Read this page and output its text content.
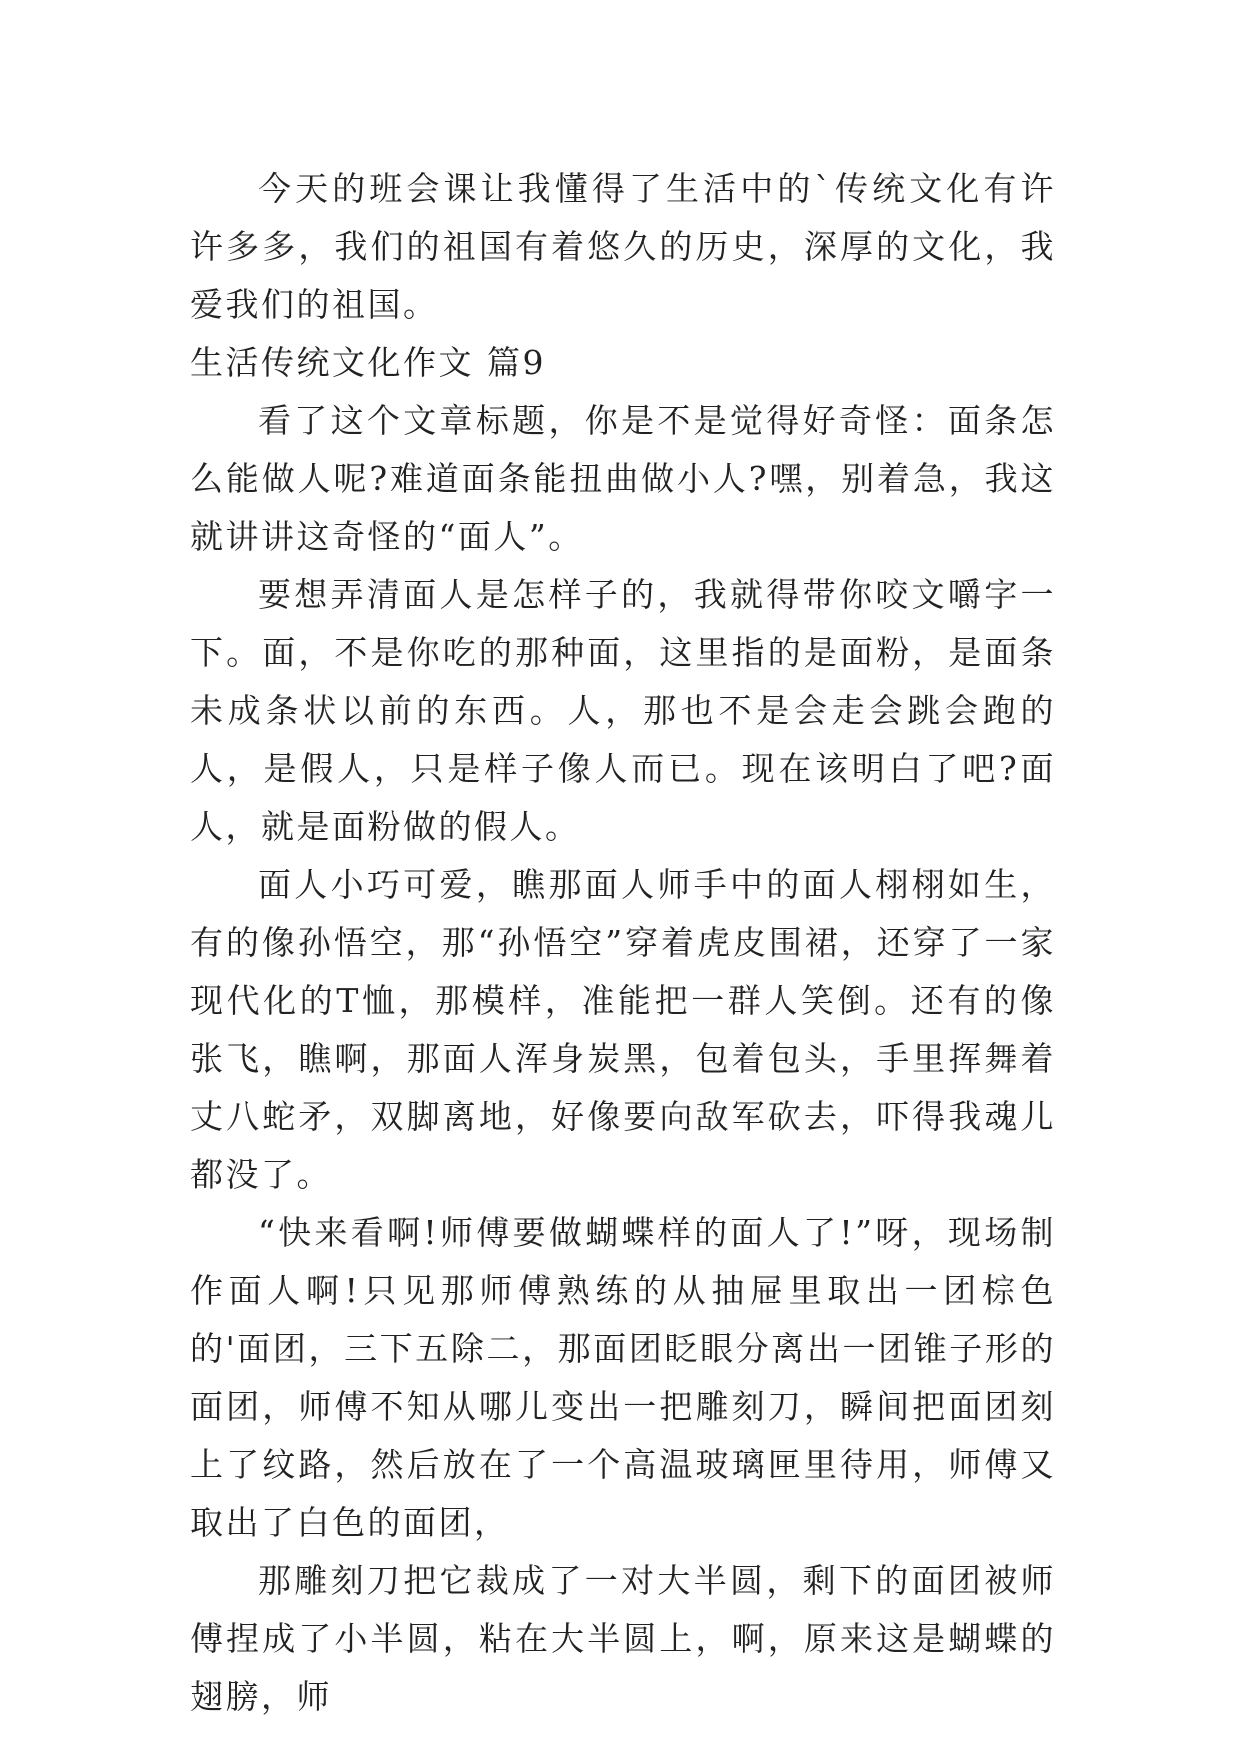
今天的班会课让我懂得了生活中的`传统文化有许许多多，我们的祖国有着悠久的历史，深厚的文化，我爱我们的祖国。

生活传统文化作文 篇9

看了这个文章标题，你是不是觉得好奇怪：面条怎么能做人呢?难道面条能扭曲做小人?嘿，别着急，我这就讲讲这奇怪的“面人”。

要想弄清面人是怎样子的，我就得带你咬文嚼字一下。面，不是你吃的那种面，这里指的是面粉，是面条未成条状以前的东西。人，那也不是会走会跳会跑的人，是假人，只是样子像人而已。现在该明白了吧?面人，就是面粉做的假人。

面人小巧可爱，瞧那面人师手中的面人栩栩如生，有的像孙悟空，那“孙悟空”穿着虎皮围裙，还穿了一家现代化的T恤，那模样，准能把一群人笑倒。还有的像张飞，瞧啊，那面人浑身炭黑，包着包头，手里挥舞着丈八蛇矛，双脚离地，好像要向敌军砍去，吓得我魂儿都没了。

“快来看啊!师傅要做蝴蝶样的面人了!”呀，现场制作面人啊!只见那师傅熟练的从抽屉里取出一团棕色的'面团，三下五除二，那面团眨眼分离出一团锥子形的面团，师傅不知从哪儿变出一把雕刻刀，瞬间把面团刻上了纹路，然后放在了一个高温玻璃匣里待用，师傅又取出了白色的面团，

那雕刻刀把它裁成了一对大半圆，剩下的面团被师傅捏成了小半圆，粘在大半圆上，啊，原来这是蝴蝶的翅膀，师
